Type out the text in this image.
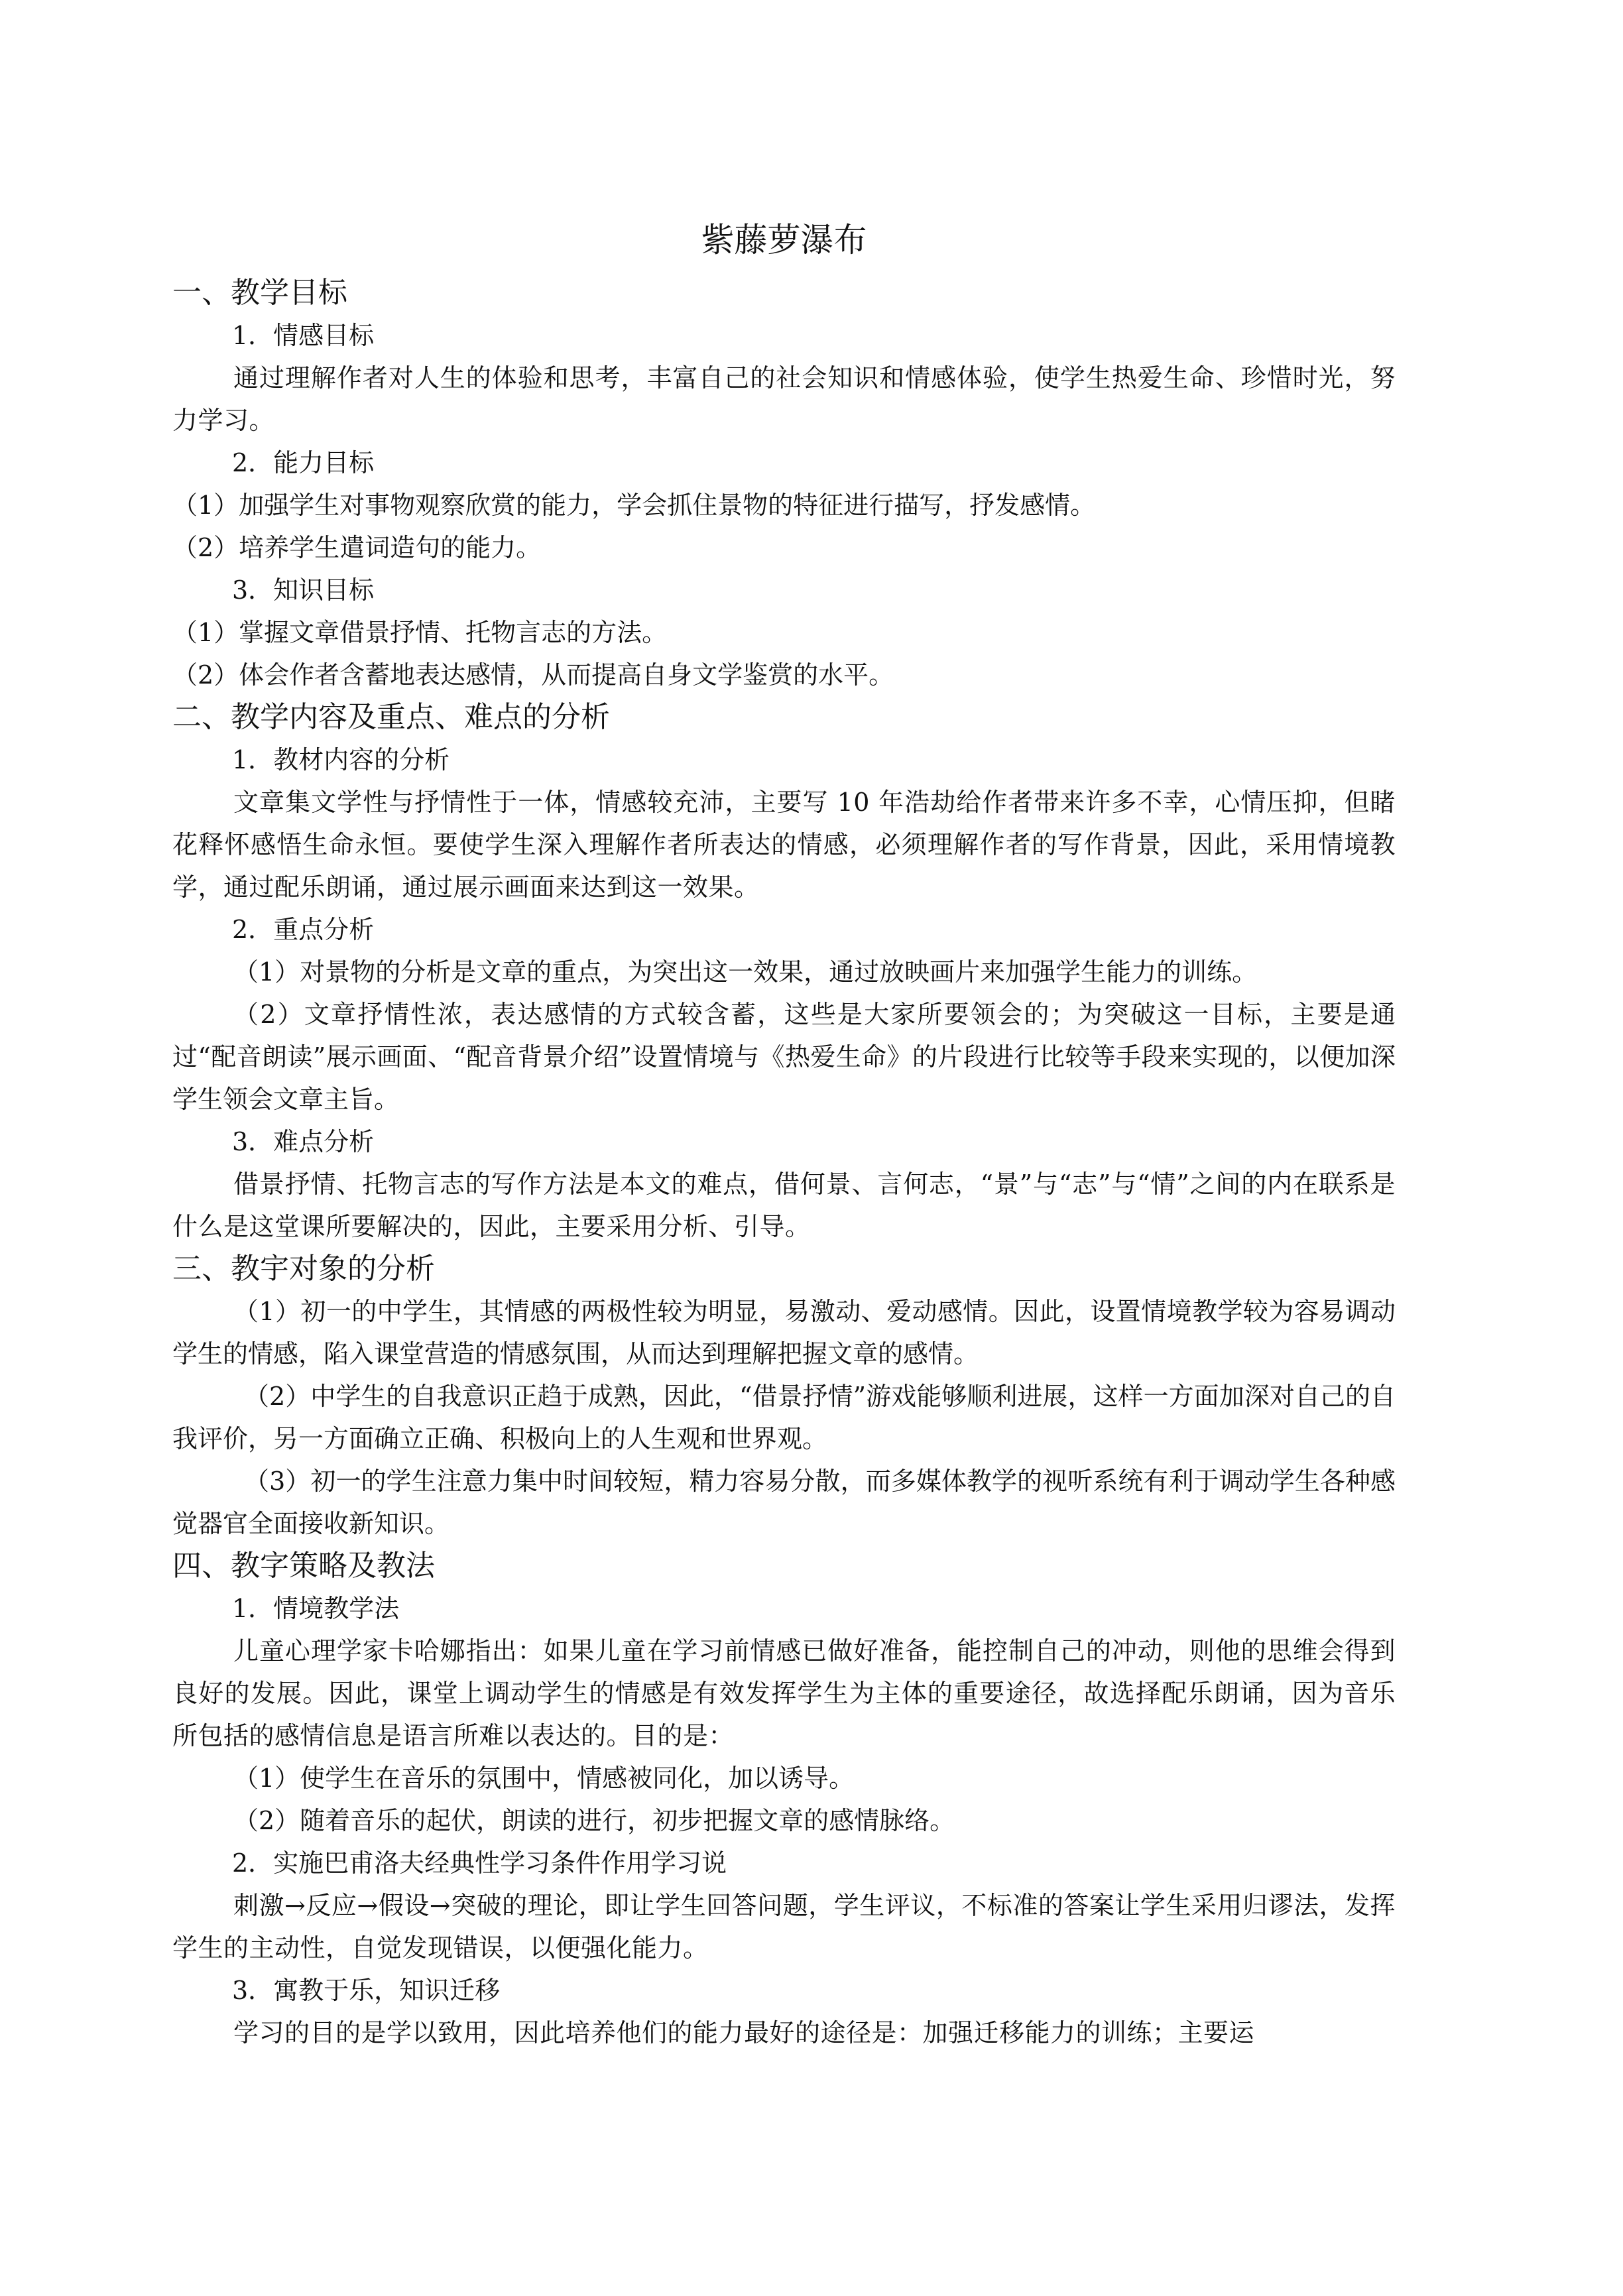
紫藤萝瀑布
一、教学目标
1．情感目标

通过理解作者对人生的体验和思考，丰富自己的社会知识和情感体验，使学生热爱生命、珍惜时光，努力学习。

2．能力目标

（1）加强学生对事物观察欣赏的能力，学会抓住景物的特征进行描写，抒发感情。

（2）培养学生遣词造句的能力。

3．知识目标

（1）掌握文章借景抒情、托物言志的方法。

（2）体会作者含蓄地表达感情，从而提高自身文学鉴赏的水平。

二、教学内容及重点、难点的分析
1．教材内容的分析

文章集文学性与抒情性于一体，情感较充沛，主要写 10 年浩劫给作者带来许多不幸，心情压抑，但睹花释怀感悟生命永恒。要使学生深入理解作者所表达的情感，必须理解作者的写作背景，因此，采用情境教学，通过配乐朗诵，通过展示画面来达到这一效果。

2．重点分析

（1）对景物的分析是文章的重点，为突出这一效果，通过放映画片来加强学生能力的训练。

（2）文章抒情性浓，表达感情的方式较含蓄，这些是大家所要领会的；为突破这一目标，主要是通过“配音朗读”展示画面、“配音背景介绍”设置情境与《热爱生命》的片段进行比较等手段来实现的，以便加深学生领会文章主旨。

3．难点分析

借景抒情、托物言志的写作方法是本文的难点，借何景、言何志，“景”与“志”与“情”之间的内在联系是什么是这堂课所要解决的，因此，主要采用分析、引导。

三、教宇对象的分析

（1）初一的中学生，其情感的两极性较为明显，易激动、爱动感情。因此，设置情境教学较为容易调动学生的情感，陷入课堂营造的情感氛围，从而达到理解把握文章的感情。

（2）中学生的自我意识正趋于成熟，因此，“借景抒情”游戏能够顺利进展，这样一方面加深对自己的自我评价，另一方面确立正确、积极向上的人生观和世界观。

（3）初一的学生注意力集中时间较短，精力容易分散，而多媒体教学的视听系统有利于调动学生各种感觉器官全面接收新知识。

四、教字策略及教法
1．情境教学法

儿童心理学家卡哈娜指出：如果儿童在学习前情感已做好准备，能控制自己的冲动，则他的思维会得到良好的发展。因此，课堂上调动学生的情感是有效发挥学生为主体的重要途径，故选择配乐朗诵，因为音乐所包括的感情信息是语言所难以表达的。目的是：

（1）使学生在音乐的氛围中，情感被同化，加以诱导。

（2）随着音乐的起伏，朗读的进行，初步把握文章的感情脉络。

2．实施巴甫洛夫经典性学习条件作用学习说

刺激→反应→假设→突破的理论，即让学生回答问题，学生评议，不标准的答案让学生采用归谬法，发挥学生的主动性，自觉发现错误，以便强化能力。

3．寓教于乐，知识迁移

学习的目的是学以致用，因此培养他们的能力最好的途径是：加强迁移能力的训练；主要运
